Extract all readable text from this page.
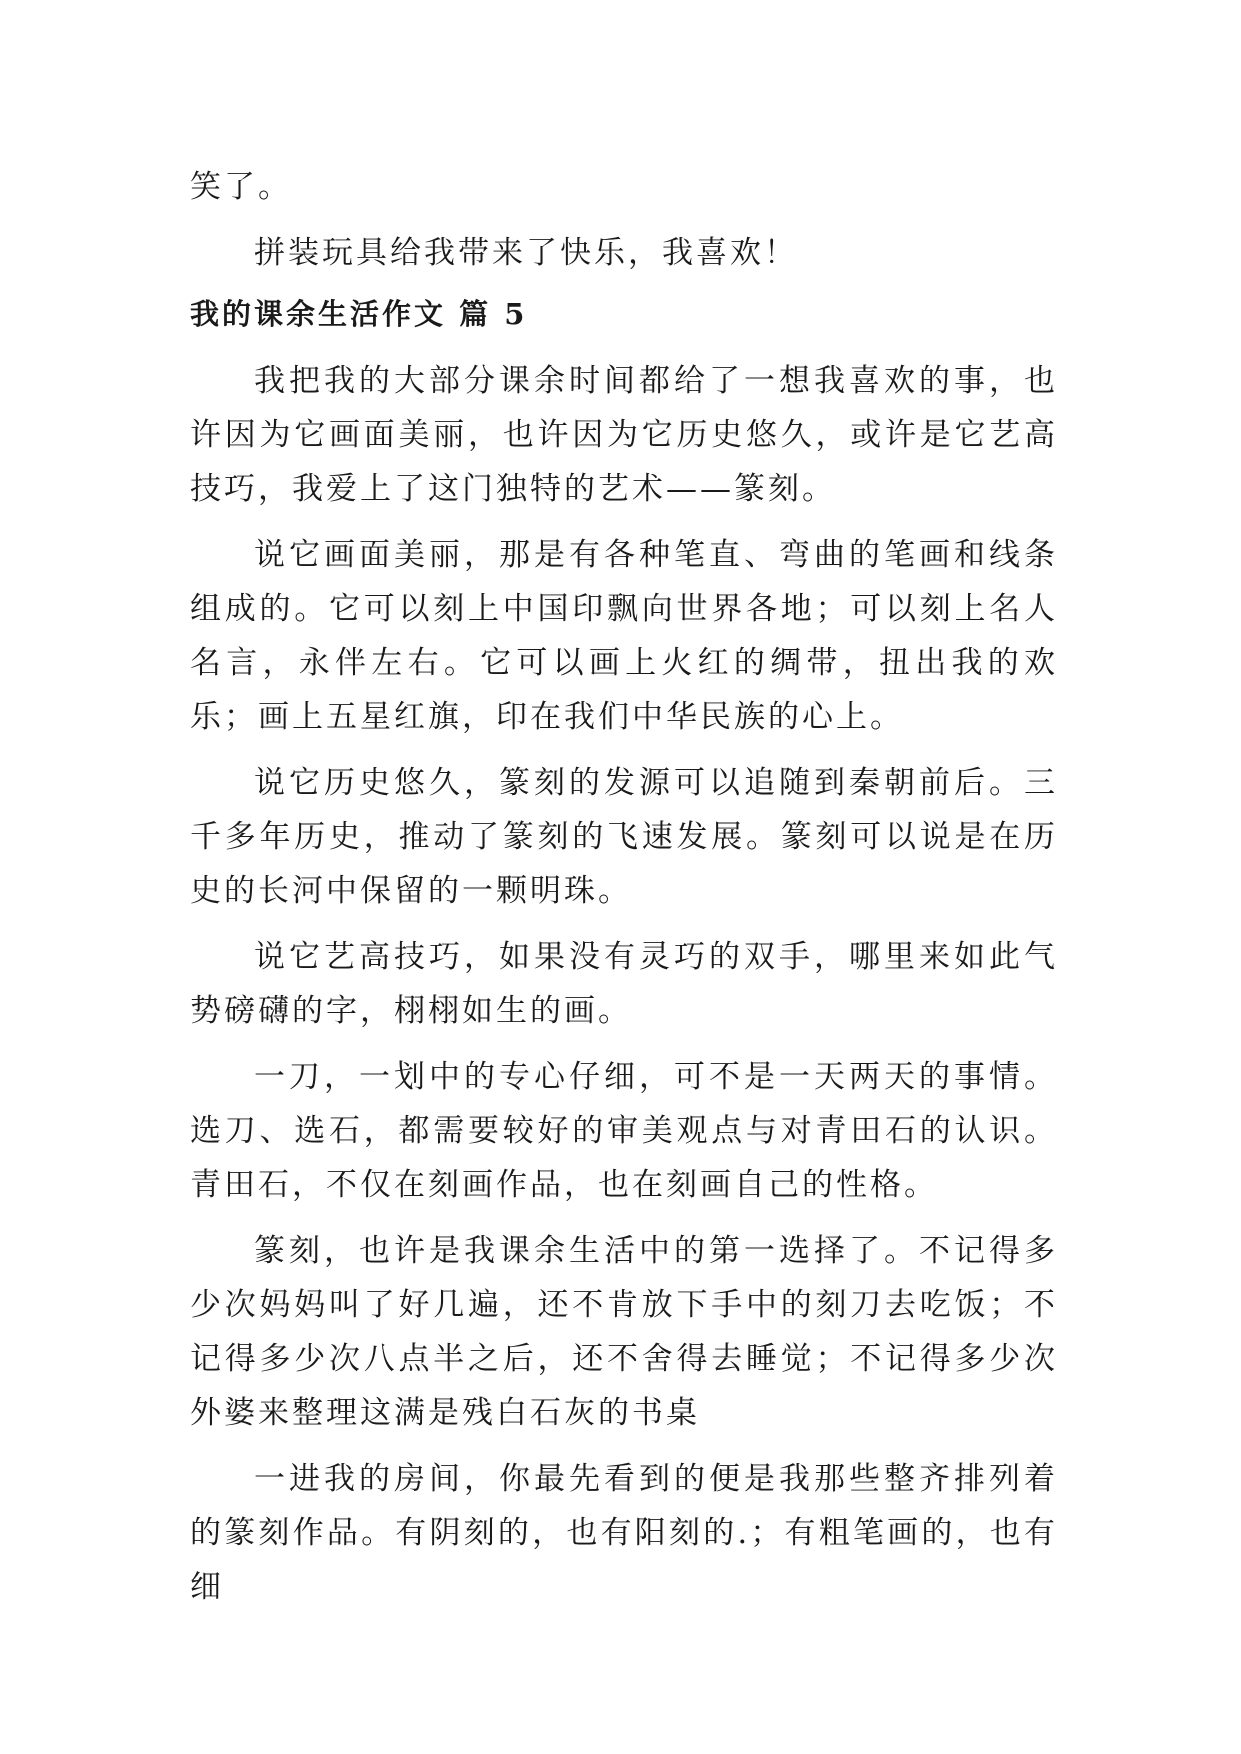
笑了。

拼装玩具给我带来了快乐，我喜欢！

我的课余生活作文 篇 5

我把我的大部分课余时间都给了一想我喜欢的事，也许因为它画面美丽，也许因为它历史悠久，或许是它艺高技巧，我爱上了这门独特的艺术——篆刻。

说它画面美丽，那是有各种笔直、弯曲的笔画和线条组成的。它可以刻上中国印飘向世界各地；可以刻上名人名言，永伴左右。它可以画上火红的绸带，扭出我的欢乐；画上五星红旗，印在我们中华民族的心上。

说它历史悠久，篆刻的发源可以追随到秦朝前后。三千多年历史，推动了篆刻的飞速发展。篆刻可以说是在历史的长河中保留的一颗明珠。

说它艺高技巧，如果没有灵巧的双手，哪里来如此气势磅礴的字，栩栩如生的画。

一刀，一划中的专心仔细，可不是一天两天的事情。选刀、选石，都需要较好的审美观点与对青田石的认识。青田石，不仅在刻画作品，也在刻画自己的性格。

篆刻，也许是我课余生活中的第一选择了。不记得多少次妈妈叫了好几遍，还不肯放下手中的刻刀去吃饭；不记得多少次八点半之后，还不舍得去睡觉；不记得多少次外婆来整理这满是残白石灰的书桌

一进我的房间，你最先看到的便是我那些整齐排列着的篆刻作品。有阴刻的，也有阳刻的.；有粗笔画的，也有细
